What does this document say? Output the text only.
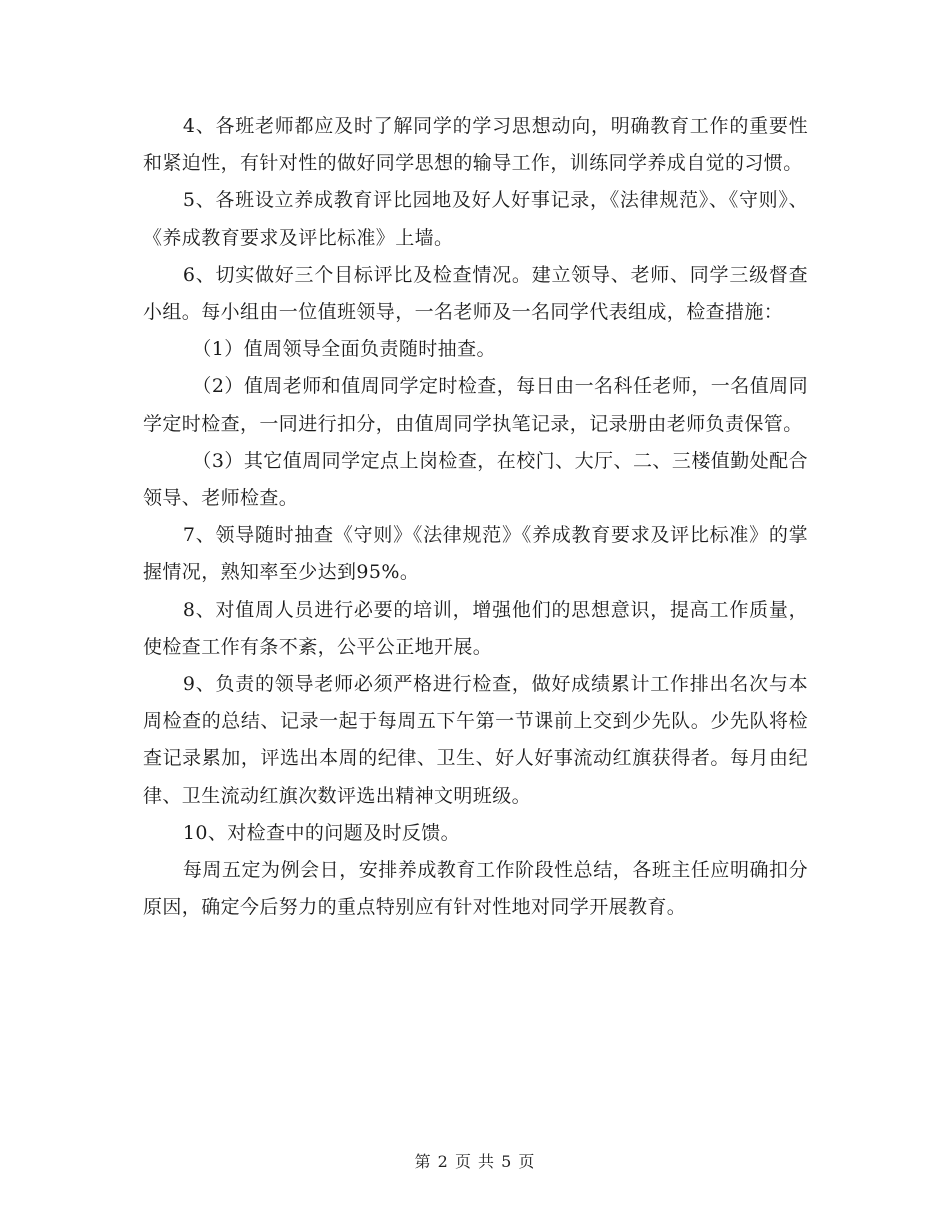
4、各班老师都应及时了解同学的学习思想动向，明确教育工作的重要性和紧迫性，有针对性的做好同学思想的输导工作，训练同学养成自觉的习惯。

5、各班设立养成教育评比园地及好人好事记录，《法律规范》、《守则》、《养成教育要求及评比标准》上墙。

6、切实做好三个目标评比及检查情况。建立领导、老师、同学三级督查小组。每小组由一位值班领导，一名老师及一名同学代表组成，检查措施：

（1）值周领导全面负责随时抽查。

（2）值周老师和值周同学定时检查，每日由一名科任老师，一名值周同学定时检查，一同进行扣分，由值周同学执笔记录，记录册由老师负责保管。

（3）其它值周同学定点上岗检查，在校门、大厅、二、三楼值勤处配合领导、老师检查。

7、领导随时抽查《守则》《法律规范》《养成教育要求及评比标准》的掌握情况，熟知率至少达到95%。

8、对值周人员进行必要的培训，增强他们的思想意识，提高工作质量，使检查工作有条不紊，公平公正地开展。

9、负责的领导老师必须严格进行检查，做好成绩累计工作排出名次与本周检查的总结、记录一起于每周五下午第一节课前上交到少先队。少先队将检查记录累加，评选出本周的纪律、卫生、好人好事流动红旗获得者。每月由纪律、卫生流动红旗次数评选出精神文明班级。

10、对检查中的问题及时反馈。

每周五定为例会日，安排养成教育工作阶段性总结，各班主任应明确扣分原因，确定今后努力的重点特别应有针对性地对同学开展教育。

第 2 页 共 5 页
